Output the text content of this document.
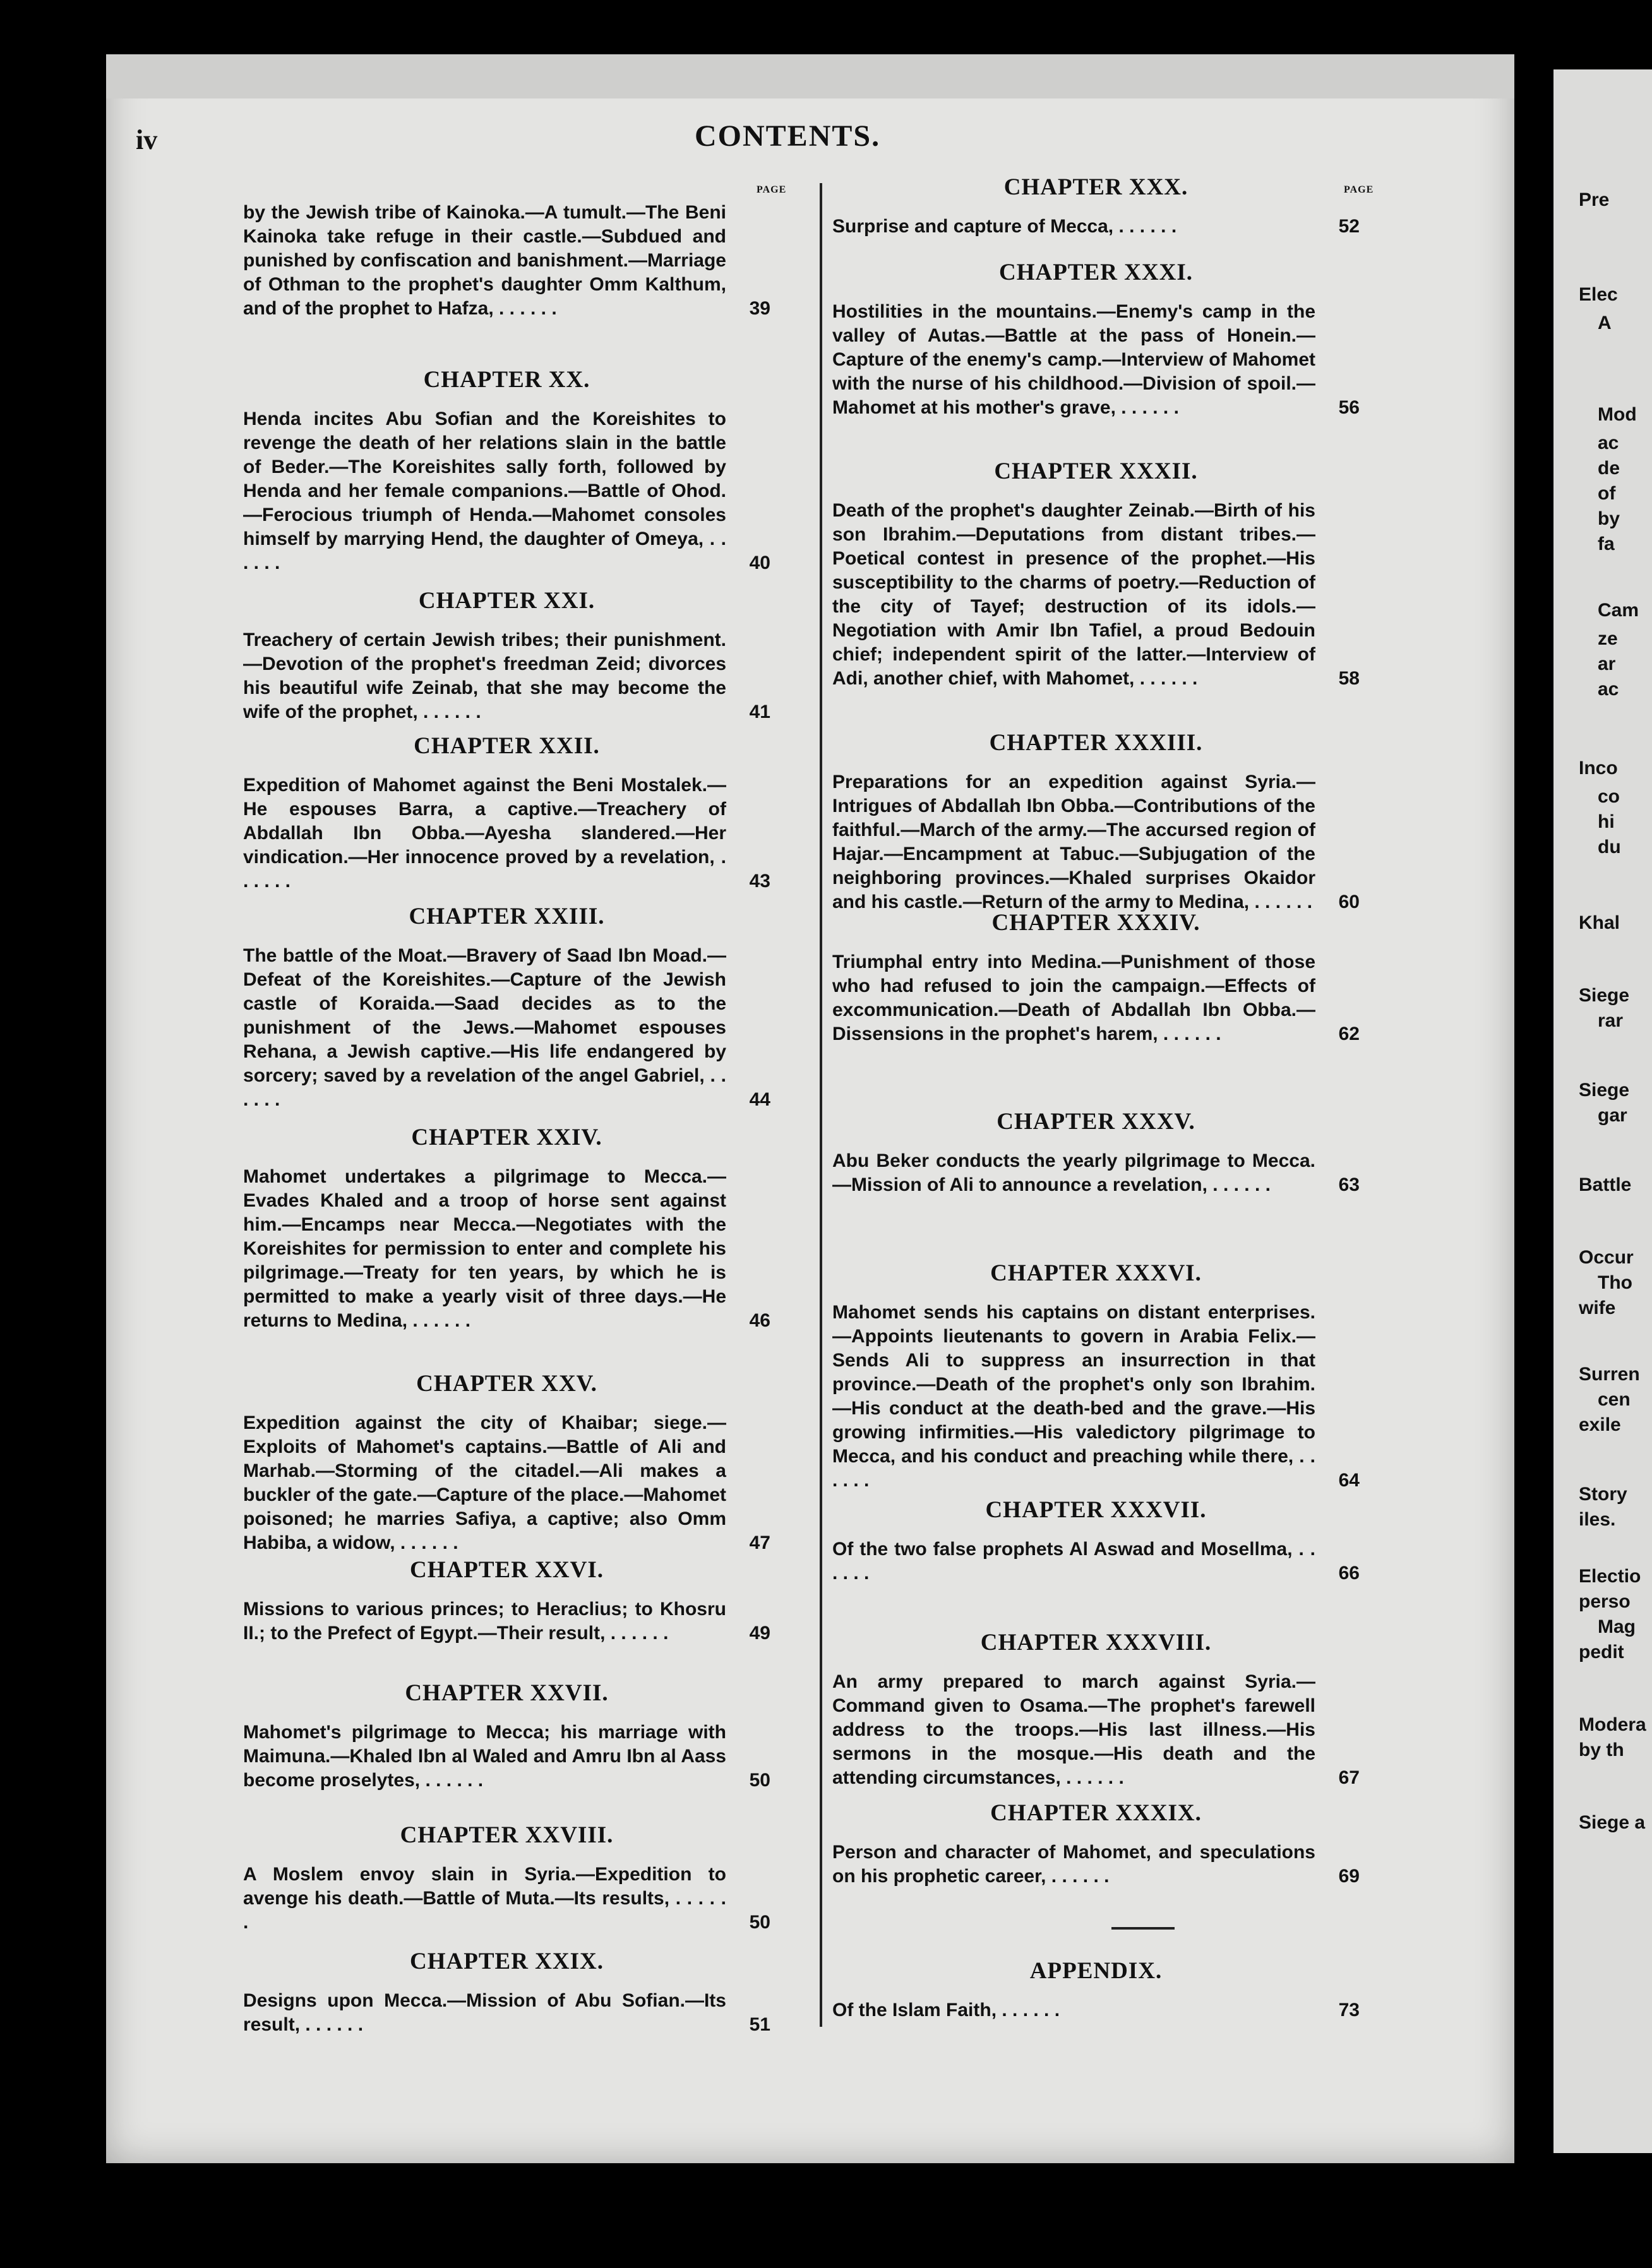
Pre
Elec
A
Mod
ac
de
of
by
fa
Cam
ze
ar
ac
Inco
co
hi
du
Khal
Siege
rar
Siege
gar
Battle
Occur
Tho
wife
Surren
cen
exile
Story
iles.
Electio
perso
Mag
pedit
Modera
by th
Siege a
iv	CONTENTS.
PAGE	PAGE
by the Jewish tribe of Kainoka.—A tumult.—The Beni Kainoka take refuge in their castle.—Subdued and punished by confiscation and banishment.—Marriage of Othman to the prophet's daughter Omm Kalthum, and of the prophet to Hafza, . . . . . .	39
CHAPTER XX.
Henda incites Abu Sofian and the Koreishites to revenge the death of her relations slain in the battle of Beder.—The Koreishites sally forth, followed by Henda and her female companions.—Battle of Ohod.—Ferocious triumph of Henda.—Mahomet consoles himself by marrying Hend, the daughter of Omeya, . . . . . .	40
CHAPTER XXI.
Treachery of certain Jewish tribes; their punishment.—Devotion of the prophet's freedman Zeid; divorces his beautiful wife Zeinab, that she may become the wife of the prophet, . . . . . .	41
CHAPTER XXII.
Expedition of Mahomet against the Beni Mostalek.—He espouses Barra, a captive.—Treachery of Abdallah Ibn Obba.—Ayesha slandered.—Her vindication.—Her innocence proved by a revelation, . . . . . .	43
CHAPTER XXIII.
The battle of the Moat.—Bravery of Saad Ibn Moad.—Defeat of the Koreishites.—Capture of the Jewish castle of Koraida.—Saad decides as to the punishment of the Jews.—Mahomet espouses Rehana, a Jewish captive.—His life endangered by sorcery; saved by a revelation of the angel Gabriel, . . . . . .	44
CHAPTER XXIV.
Mahomet undertakes a pilgrimage to Mecca.—Evades Khaled and a troop of horse sent against him.—Encamps near Mecca.—Negotiates with the Koreishites for permission to enter and complete his pilgrimage.—Treaty for ten years, by which he is permitted to make a yearly visit of three days.—He returns to Medina, . . . . . .	46
CHAPTER XXV.
Expedition against the city of Khaibar; siege.—Exploits of Mahomet's captains.—Battle of Ali and Marhab.—Storming of the citadel.—Ali makes a buckler of the gate.—Capture of the place.—Mahomet poisoned; he marries Safiya, a captive; also Omm Habiba, a widow, . . . . . .	47
CHAPTER XXVI.
Missions to various princes; to Heraclius; to Khosru II.; to the Prefect of Egypt.—Their result, . . . . . .	49
CHAPTER XXVII.
Mahomet's pilgrimage to Mecca; his marriage with Maimuna.—Khaled Ibn al Waled and Amru Ibn al Aass become proselytes, . . . . . .	50
CHAPTER XXVIII.
A Moslem envoy slain in Syria.—Expedition to avenge his death.—Battle of Muta.—Its results, . . . . . .	50
CHAPTER XXIX.
Designs upon Mecca.—Mission of Abu Sofian.—Its result, . . . . . .	51
CHAPTER XXX.
Surprise and capture of Mecca, . . . . . .	52
CHAPTER XXXI.
Hostilities in the mountains.—Enemy's camp in the valley of Autas.—Battle at the pass of Honein.—Capture of the enemy's camp.—Interview of Mahomet with the nurse of his childhood.—Division of spoil.—Mahomet at his mother's grave, . . . . . .	56
CHAPTER XXXII.
Death of the prophet's daughter Zeinab.—Birth of his son Ibrahim.—Deputations from distant tribes.—Poetical contest in presence of the prophet.—His susceptibility to the charms of poetry.—Reduction of the city of Tayef; destruction of its idols.—Negotiation with Amir Ibn Tafiel, a proud Bedouin chief; independent spirit of the latter.—Interview of Adi, another chief, with Mahomet, . . . . . .	58
CHAPTER XXXIII.
Preparations for an expedition against Syria.—Intrigues of Abdallah Ibn Obba.—Contributions of the faithful.—March of the army.—The accursed region of Hajar.—Encampment at Tabuc.—Subjugation of the neighboring provinces.—Khaled surprises Okaidor and his castle.—Return of the army to Medina, . . . . . .	60
CHAPTER XXXIV.
Triumphal entry into Medina.—Punishment of those who had refused to join the campaign.—Effects of excommunication.—Death of Abdallah Ibn Obba.—Dissensions in the prophet's harem, . . . . . .	62
CHAPTER XXXV.
Abu Beker conducts the yearly pilgrimage to Mecca.—Mission of Ali to announce a revelation, . . . . . .	63
CHAPTER XXXVI.
Mahomet sends his captains on distant enterprises.—Appoints lieutenants to govern in Arabia Felix.—Sends Ali to suppress an insurrection in that province.—Death of the prophet's only son Ibrahim.—His conduct at the death-bed and the grave.—His growing infirmities.—His valedictory pilgrimage to Mecca, and his conduct and preaching while there, . . . . . .	64
CHAPTER XXXVII.
Of the two false prophets Al Aswad and Mosellma, . . . . . .	66
CHAPTER XXXVIII.
An army prepared to march against Syria.—Command given to Osama.—The prophet's farewell address to the troops.—His last illness.—His sermons in the mosque.—His death and the attending circumstances, . . . . . .	67
CHAPTER XXXIX.
Person and character of Mahomet, and speculations on his prophetic career, . . . . . .	69
APPENDIX.
Of the Islam Faith, . . . . . .	73
